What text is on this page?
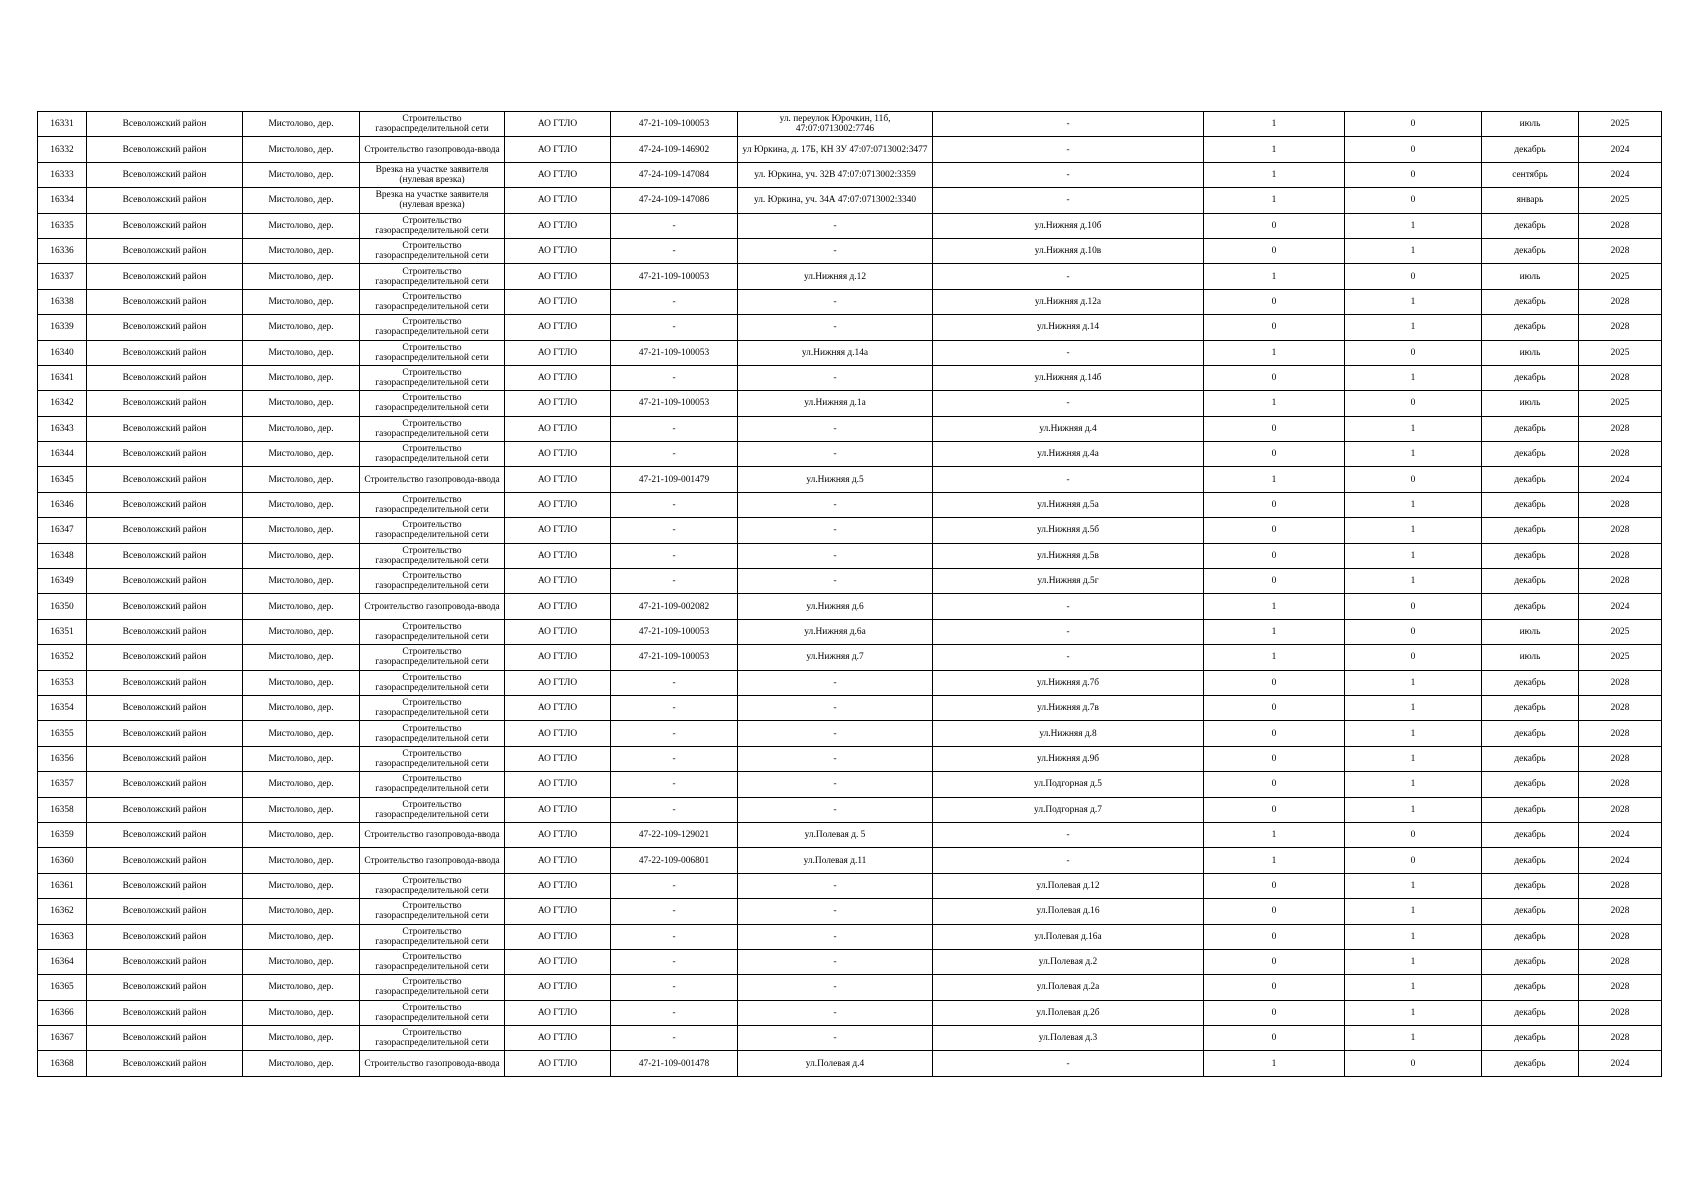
16331	Всеволожский район	Мистолово, дер.	Строительство газораспределительной сети	АО ГТЛО	47-21-109-100053	ул. переулок Юрочкин, 11б, 47:07:0713002:7746	-	1	0	июль	2025
16332	Всеволожский район	Мистолово, дер.	Строительство газопровода-ввода	АО ГТЛО	47-24-109-146902	ул Юркина, д. 17Б, КН ЗУ 47:07:0713002:3477	-	1	0	декабрь	2024
16333	Всеволожский район	Мистолово, дер.	Врезка на участке заявителя (нулевая врезка)	АО ГТЛО	47-24-109-147084	ул. Юркина, уч. 32В 47:07:0713002:3359	-	1	0	сентябрь	2024
16334	Всеволожский район	Мистолово, дер.	Врезка на участке заявителя (нулевая врезка)	АО ГТЛО	47-24-109-147086	ул. Юркина, уч. 34А 47:07:0713002:3340	-	1	0	январь	2025
16335	Всеволожский район	Мистолово, дер.	Строительство газораспределительной сети	АО ГТЛО	-	-	ул.Нижняя д.10б	0	1	декабрь	2028
16336	Всеволожский район	Мистолово, дер.	Строительство газораспределительной сети	АО ГТЛО	-	-	ул.Нижняя д.10в	0	1	декабрь	2028
16337	Всеволожский район	Мистолово, дер.	Строительство газораспределительной сети	АО ГТЛО	47-21-109-100053	ул.Нижняя д.12	-	1	0	июль	2025
16338	Всеволожский район	Мистолово, дер.	Строительство газораспределительной сети	АО ГТЛО	-	-	ул.Нижняя д.12а	0	1	декабрь	2028
16339	Всеволожский район	Мистолово, дер.	Строительство газораспределительной сети	АО ГТЛО	-	-	ул.Нижняя д.14	0	1	декабрь	2028
16340	Всеволожский район	Мистолово, дер.	Строительство газораспределительной сети	АО ГТЛО	47-21-109-100053	ул.Нижняя д.14а	-	1	0	июль	2025
16341	Всеволожский район	Мистолово, дер.	Строительство газораспределительной сети	АО ГТЛО	-	-	ул.Нижняя д.14б	0	1	декабрь	2028
16342	Всеволожский район	Мистолово, дер.	Строительство газораспределительной сети	АО ГТЛО	47-21-109-100053	ул.Нижняя д.1а	-	1	0	июль	2025
16343	Всеволожский район	Мистолово, дер.	Строительство газораспределительной сети	АО ГТЛО	-	-	ул.Нижняя д.4	0	1	декабрь	2028
16344	Всеволожский район	Мистолово, дер.	Строительство газораспределительной сети	АО ГТЛО	-	-	ул.Нижняя д.4а	0	1	декабрь	2028
16345	Всеволожский район	Мистолово, дер.	Строительство газопровода-ввода	АО ГТЛО	47-21-109-001479	ул.Нижняя д.5	-	1	0	декабрь	2024
16346	Всеволожский район	Мистолово, дер.	Строительство газораспределительной сети	АО ГТЛО	-	-	ул.Нижняя д.5а	0	1	декабрь	2028
16347	Всеволожский район	Мистолово, дер.	Строительство газораспределительной сети	АО ГТЛО	-	-	ул.Нижняя д.5б	0	1	декабрь	2028
16348	Всеволожский район	Мистолово, дер.	Строительство газораспределительной сети	АО ГТЛО	-	-	ул.Нижняя д.5в	0	1	декабрь	2028
16349	Всеволожский район	Мистолово, дер.	Строительство газораспределительной сети	АО ГТЛО	-	-	ул.Нижняя д.5г	0	1	декабрь	2028
16350	Всеволожский район	Мистолово, дер.	Строительство газопровода-ввода	АО ГТЛО	47-21-109-002082	ул.Нижняя д.6	-	1	0	декабрь	2024
16351	Всеволожский район	Мистолово, дер.	Строительство газораспределительной сети	АО ГТЛО	47-21-109-100053	ул.Нижняя д.6а	-	1	0	июль	2025
16352	Всеволожский район	Мистолово, дер.	Строительство газораспределительной сети	АО ГТЛО	47-21-109-100053	ул.Нижняя д.7	-	1	0	июль	2025
16353	Всеволожский район	Мистолово, дер.	Строительство газораспределительной сети	АО ГТЛО	-	-	ул.Нижняя д.7б	0	1	декабрь	2028
16354	Всеволожский район	Мистолово, дер.	Строительство газораспределительной сети	АО ГТЛО	-	-	ул.Нижняя д.7в	0	1	декабрь	2028
16355	Всеволожский район	Мистолово, дер.	Строительство газораспределительной сети	АО ГТЛО	-	-	ул.Нижняя д.8	0	1	декабрь	2028
16356	Всеволожский район	Мистолово, дер.	Строительство газораспределительной сети	АО ГТЛО	-	-	ул.Нижняя д.9б	0	1	декабрь	2028
16357	Всеволожский район	Мистолово, дер.	Строительство газораспределительной сети	АО ГТЛО	-	-	ул.Подгорная д.5	0	1	декабрь	2028
16358	Всеволожский район	Мистолово, дер.	Строительство газораспределительной сети	АО ГТЛО	-	-	ул.Подгорная д.7	0	1	декабрь	2028
16359	Всеволожский район	Мистолово, дер.	Строительство газопровода-ввода	АО ГТЛО	47-22-109-129021	ул.Полевая д. 5	-	1	0	декабрь	2024
16360	Всеволожский район	Мистолово, дер.	Строительство газопровода-ввода	АО ГТЛО	47-22-109-006801	ул.Полевая д.11	-	1	0	декабрь	2024
16361	Всеволожский район	Мистолово, дер.	Строительство газораспределительной сети	АО ГТЛО	-	-	ул.Полевая д.12	0	1	декабрь	2028
16362	Всеволожский район	Мистолово, дер.	Строительство газораспределительной сети	АО ГТЛО	-	-	ул.Полевая д.16	0	1	декабрь	2028
16363	Всеволожский район	Мистолово, дер.	Строительство газораспределительной сети	АО ГТЛО	-	-	ул.Полевая д.16а	0	1	декабрь	2028
16364	Всеволожский район	Мистолово, дер.	Строительство газораспределительной сети	АО ГТЛО	-	-	ул.Полевая д.2	0	1	декабрь	2028
16365	Всеволожский район	Мистолово, дер.	Строительство газораспределительной сети	АО ГТЛО	-	-	ул.Полевая д.2а	0	1	декабрь	2028
16366	Всеволожский район	Мистолово, дер.	Строительство газораспределительной сети	АО ГТЛО	-	-	ул.Полевая д.2б	0	1	декабрь	2028
16367	Всеволожский район	Мистолово, дер.	Строительство газораспределительной сети	АО ГТЛО	-	-	ул.Полевая д.3	0	1	декабрь	2028
16368	Всеволожский район	Мистолово, дер.	Строительство газопровода-ввода	АО ГТЛО	47-21-109-001478	ул.Полевая д.4	-	1	0	декабрь	2024
